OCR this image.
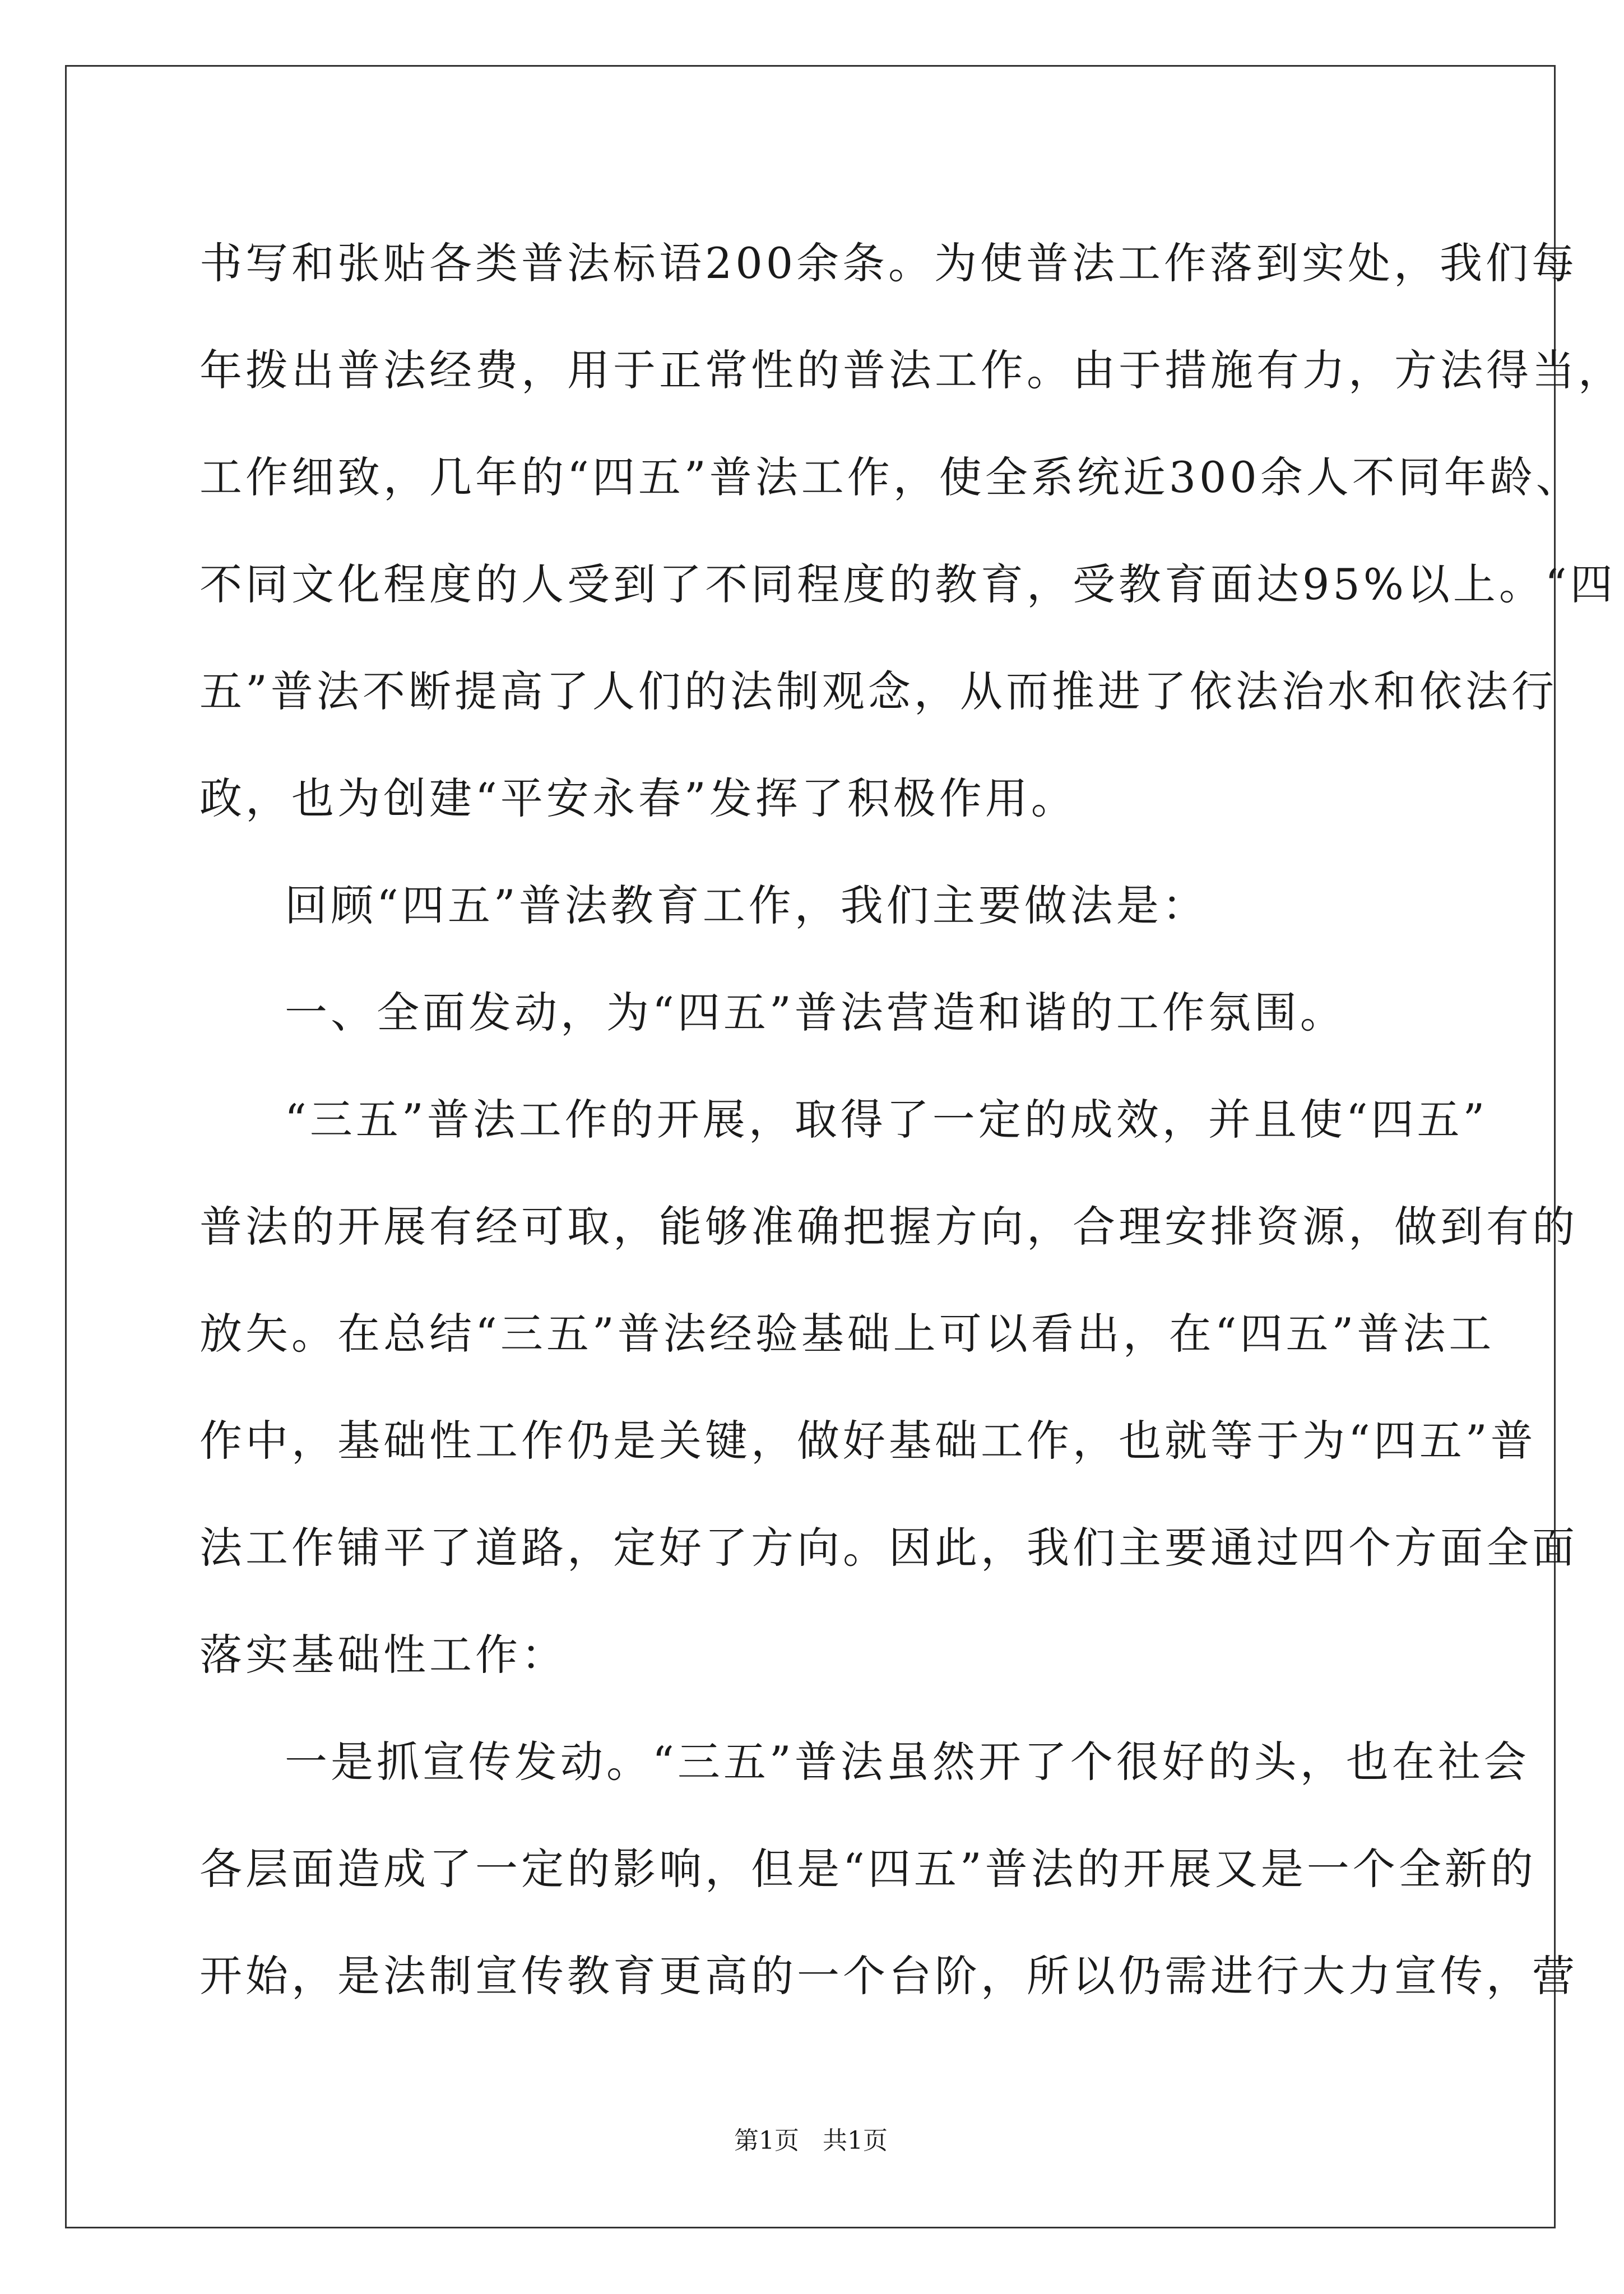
书写和张贴各类普法标语200余条。为使普法工作落到实处，我们每
年拨出普法经费，用于正常性的普法工作。由于措施有力，方法得当，
工作细致，几年的“四五”普法工作，使全系统近300余人不同年龄、
不同文化程度的人受到了不同程度的教育，受教育面达95%以上。“四
五”普法不断提高了人们的法制观念，从而推进了依法治水和依法行
政，也为创建“平安永春”发挥了积极作用。
回顾“四五”普法教育工作，我们主要做法是：
一、全面发动，为“四五”普法营造和谐的工作氛围。
“三五”普法工作的开展，取得了一定的成效，并且使“四五”
普法的开展有经可取，能够准确把握方向，合理安排资源，做到有的
放矢。在总结“三五”普法经验基础上可以看出，在“四五”普法工
作中，基础性工作仍是关键，做好基础工作，也就等于为“四五”普
法工作铺平了道路，定好了方向。因此，我们主要通过四个方面全面
落实基础性工作：
一是抓宣传发动。“三五”普法虽然开了个很好的头，也在社会
各层面造成了一定的影响，但是“四五”普法的开展又是一个全新的
开始，是法制宣传教育更高的一个台阶，所以仍需进行大力宣传，营
第1页   共1页
